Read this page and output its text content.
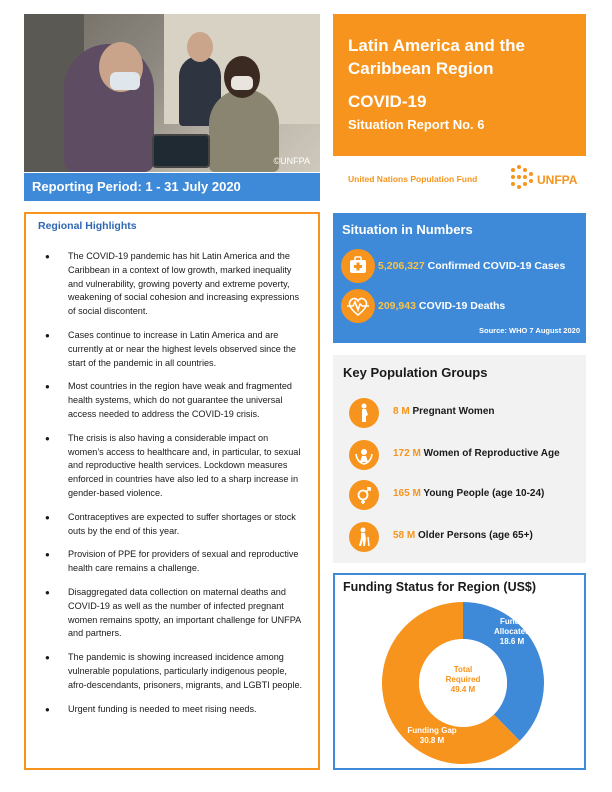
©UNFPA
Reporting Period: 1 - 31 July 2020
Latin America and the
Caribbean Region
COVID-19
Situation Report No. 6
United Nations Population Fund	UNFPA
Regional Highlights
● The COVID-19 pandemic has hit Latin America and the Caribbean in a context of low growth, marked inequality and vulnerability, growing poverty and extreme poverty, weakening of social cohesion and increasing expressions of social discontent.
● Cases continue to increase in Latin America and are currently at or near the highest levels observed since the start of the pandemic in all countries.
● Most countries in the region have weak and fragmented health systems, which do not guarantee the universal access needed to address the COVID-19 crisis.
● The crisis is also having a considerable impact on women’s access to healthcare and, in particular, to sexual and reproductive health services. Lockdown measures enforced in countries have also led to a sharp increase in gender-based violence.
● Contraceptives are expected to suffer shortages or stock outs by the end of this year.
● Provision of PPE for providers of sexual and reproductive health care remains a challenge.
● Disaggregated data collection on maternal deaths and COVID-19 as well as the number of infected pregnant women remains spotty, an important challenge for UNFPA and partners.
● The pandemic is showing increased incidence among vulnerable populations, particularly indigenous people, afro-descendants, prisoners, migrants, and LGBTI people.
● Urgent funding is needed to meet rising needs.
Situation in Numbers
5,206,327 Confirmed COVID-19 Cases
209,943 COVID-19 Deaths
Source: WHO 7 August 2020
Key Population Groups
8 M Pregnant Women
172 M Women of Reproductive Age
165 M Young People (age 10-24)
58 M Older Persons (age 65+)
Funding Status for Region (US$)
Funds
Allocated
18.6 M
Total
Required
49.4 M
Funding Gap
30.8 M
